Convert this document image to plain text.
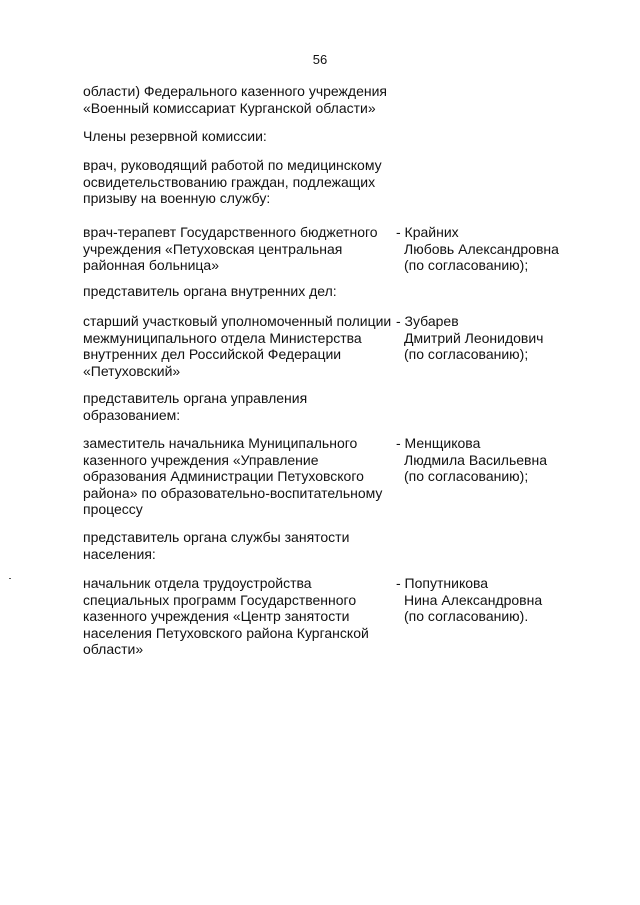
56
области) Федерального казенного учреждения
«Военный комиссариат Курганской области»
Члены резервной комиссии:
врач, руководящий работой по медицинскому
освидетельствованию граждан, подлежащих
призыву на военную службу:
врач-терапевт Государственного бюджетного
учреждения «Петуховская центральная
районная больница»
- Крайних
Любовь Александровна
(по согласованию);
представитель органа внутренних дел:
старший участковый уполномоченный полиции
межмуниципального отдела Министерства
внутренних дел Российской Федерации
«Петуховский»
- Зубарев
Дмитрий Леонидович
(по согласованию);
представитель органа управления
образованием:
заместитель начальника Муниципального
казенного учреждения «Управление
образования Администрации Петуховского
района» по образовательно-воспитательному
процессу
- Менщикова
Людмила Васильевна
(по согласованию);
представитель органа службы занятости
населения:
начальник отдела трудоустройства
специальных программ Государственного
казенного учреждения «Центр занятости
населения Петуховского района Курганской
области»
- Попутникова
Нина Александровна
(по согласованию).
